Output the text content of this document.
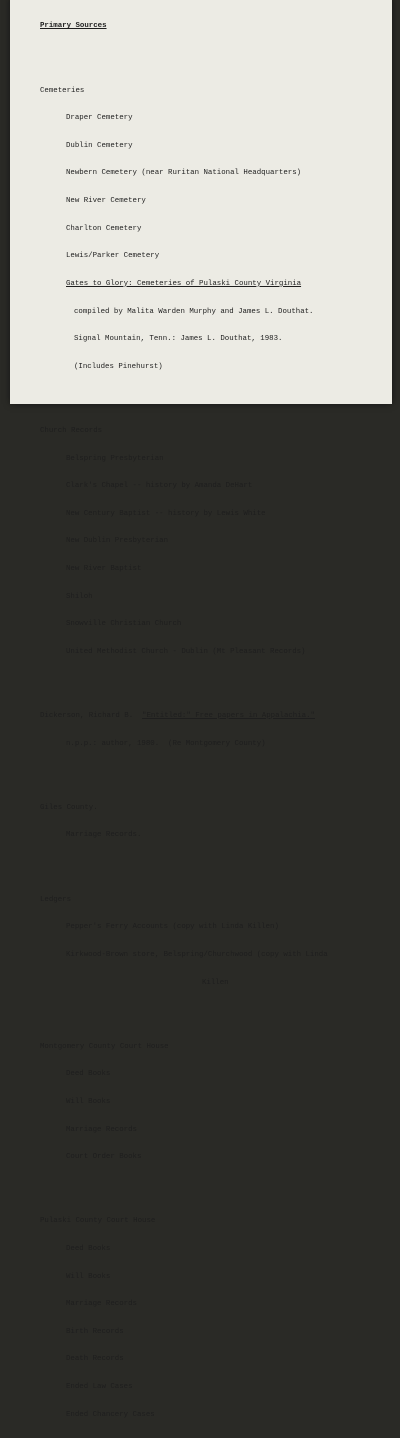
Primary Sources

Cemeteries

Draper Cemetery

Dublin Cemetery

Newbern Cemetery (near Ruritan National Headquarters)

New River Cemetery

Charlton Cemetery

Lewis/Parker Cemetery

Gates to Glory: Cemeteries of Pulaski County Virginia

compiled by Malita Warden Murphy and James L. Douthat.

Signal Mountain, Tenn.: James L. Douthat, 1983.

(Includes Pinehurst)

Church Records

Belspring Presbyterian

Clark's Chapel -- history by Amanda DeHart

New Century Baptist -- history by Lewis White

New Dublin Presbyterian

New River Baptist

Shiloh

Snowville Christian Church

United Methodist Church - Dublin (Mt Pleasant Records)

Dickerson, Richard B.  "Entitled:" Free papers in Appalachia."

n.p.p.: author, 1980.  (Re Montgomery County)

Giles County.

Marriage Records.

Ledgers

Pepper's Ferry Accounts (copy with Linda Killen)

Kirkwood-Brown store, Belspring/Churchwood (copy with Linda

Killen

Montgomery County Court House

Deed Books

Will Books

Marriage Records

Court Order Books

Pulaski County Court House

Deed Books

Will Books

Marriage Records

Birth Records

Death Records

Ended Law Cases

Ended Chancery Cases
